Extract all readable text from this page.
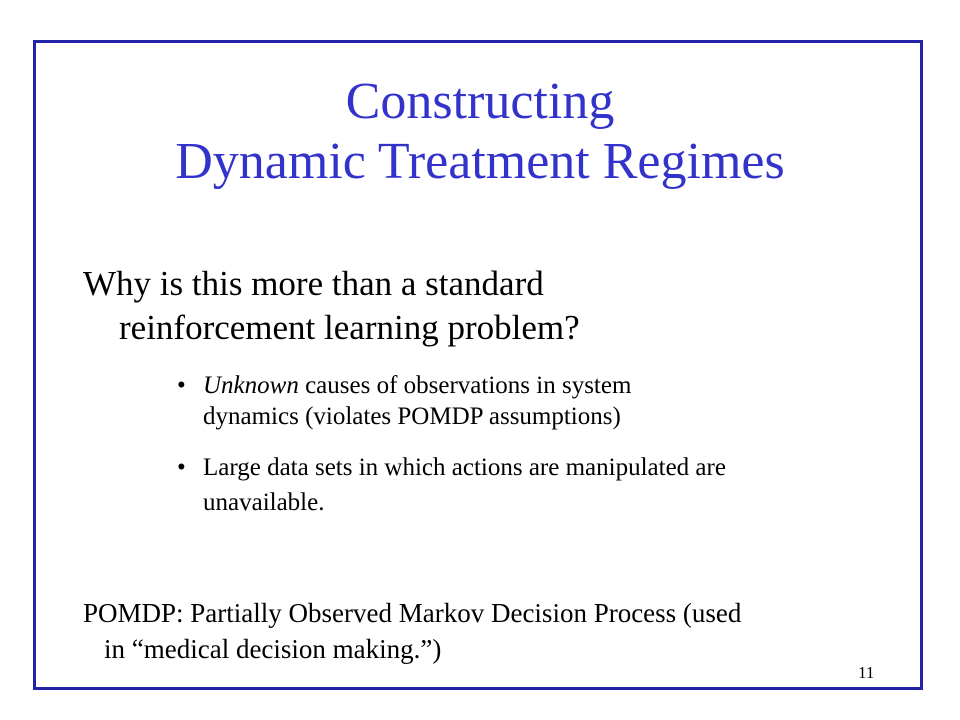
Constructing
Dynamic Treatment Regimes
Why is this more than a standard
reinforcement learning problem?
• Unknown causes of observations in system
dynamics (violates POMDP assumptions)
• Large data sets in which actions are manipulated are
unavailable.
POMDP: Partially Observed Markov Decision Process (used
in “medical decision making.”)
11
